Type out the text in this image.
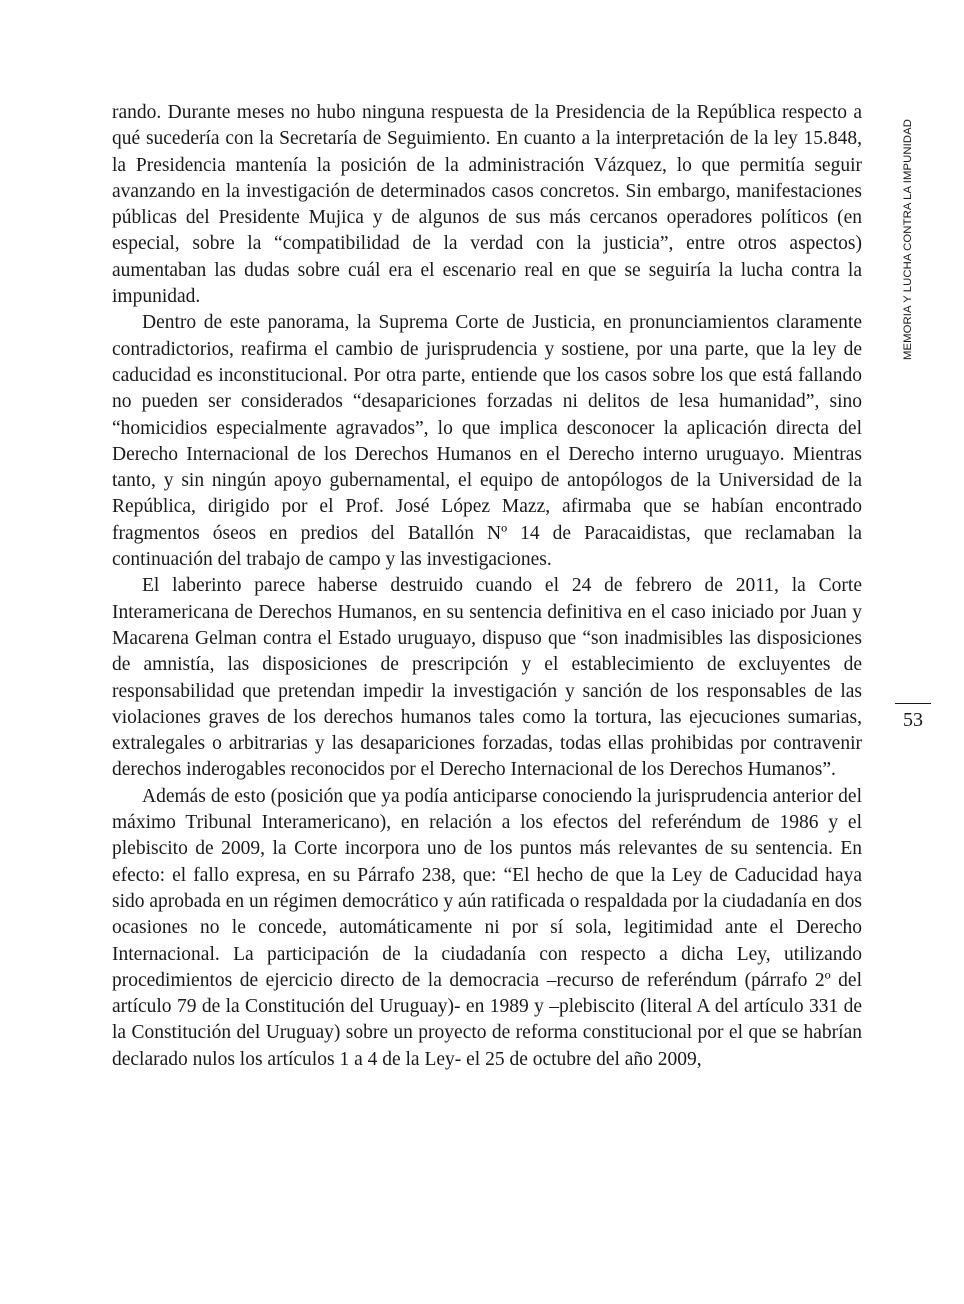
rando. Durante meses no hubo ninguna respuesta de la Presidencia de la República respecto a qué sucedería con la Secretaría de Seguimiento. En cuanto a la interpretación de la ley 15.848, la Presidencia mantenía la posición de la administración Vázquez, lo que permitía seguir avanzando en la investigación de determinados casos concretos. Sin embargo, manifestaciones públicas del Presidente Mujica y de algunos de sus más cercanos operadores políticos (en especial, sobre la “compatibilidad de la verdad con la justicia”, entre otros aspectos) aumentaban las dudas sobre cuál era el escenario real en que se seguiría la lucha contra la impunidad.

Dentro de este panorama, la Suprema Corte de Justicia, en pronunciamientos claramente contradictorios, reafirma el cambio de jurisprudencia y sostiene, por una parte, que la ley de caducidad es inconstitucional. Por otra parte, entiende que los casos sobre los que está fallando no pueden ser considerados “desapariciones forzadas ni delitos de lesa humanidad”, sino “homicidios especialmente agravados”, lo que implica desconocer la aplicación directa del Derecho Internacional de los Derechos Humanos en el Derecho interno uruguayo. Mientras tanto, y sin ningún apoyo gubernamental, el equipo de antopólogos de la Universidad de la República, dirigido por el Prof. José López Mazz, afirmaba que se habían encontrado fragmentos óseos en predios del Batallón Nº 14 de Paracaidistas, que reclamaban la continuación del trabajo de campo y las investigaciones.

El laberinto parece haberse destruido cuando el 24 de febrero de 2011, la Corte Interamericana de Derechos Humanos, en su sentencia definitiva en el caso iniciado por Juan y Macarena Gelman contra el Estado uruguayo, dispuso que “son inadmisibles las disposiciones de amnistía, las disposiciones de prescripción y el establecimiento de excluyentes de responsabilidad que pretendan impedir la investigación y sanción de los responsables de las violaciones graves de los derechos humanos tales como la tortura, las ejecuciones sumarias, extralegales o arbitrarias y las desapariciones forzadas, todas ellas prohibidas por contravenir derechos inderogables reconocidos por el Derecho Internacional de los Derechos Humanos”.

Además de esto (posición que ya podía anticiparse conociendo la jurisprudencia anterior del máximo Tribunal Interamericano), en relación a los efectos del referéndum de 1986 y el plebiscito de 2009, la Corte incorpora uno de los puntos más relevantes de su sentencia. En efecto: el fallo expresa, en su Párrafo 238, que: “El hecho de que la Ley de Caducidad haya sido aprobada en un régimen democrático y aún ratificada o respaldada por la ciudadanía en dos ocasiones no le concede, automáticamente ni por sí sola, legitimidad ante el Derecho Internacional. La participación de la ciudadanía con respecto a dicha Ley, utilizando procedimientos de ejercicio directo de la democracia –recurso de referéndum (párrafo 2º del artículo 79 de la Constitución del Uruguay)- en 1989 y –plebiscito (literal A del artículo 331 de la Constitución del Uruguay) sobre un proyecto de reforma constitucional por el que se habrían declarado nulos los artículos 1 a 4 de la Ley- el 25 de octubre del año 2009,

MEMORIA Y LUCHA CONTRA LA IMPUNIDAD
53
